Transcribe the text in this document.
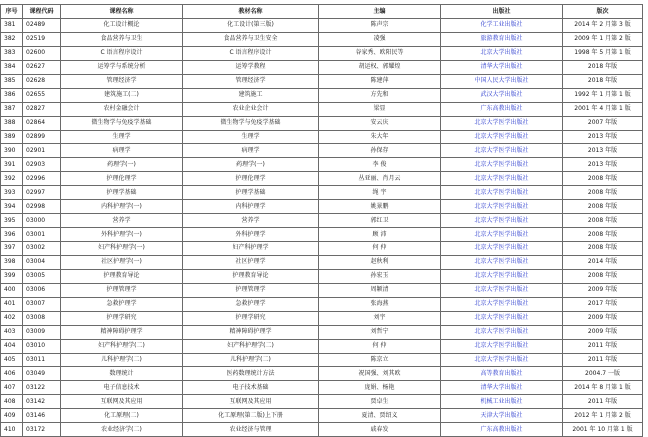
序号	课程代码	课程名称	教材名称	主编	出版社	版次
381	02489	化工设计概论	化工设计(第三版)	陈声宗	化学工业出版社	2014 年 2 月第 3 版
382	02519	食品营养与卫生	食品营养与卫生安全	凌强	旅游教育出版社	2009 年 1 月第 2 版
383	02600	C 语言程序设计	C 语言程序设计	谷家秀、欧阳民等	北京大学出版社	1998 年 5 月第 1 版
384	02627	运筹学与系统分析	运筹学教程	胡运权、郭耀煌	清华大学出版社	2018 年版
385	02628	管理经济学	管理经济学	陈建萍	中国人民大学出版社	2018 年版
386	02655	建筑施工(二)	建筑施工	方先和	武汉大学出版社	1992 年 1 月第 1 版
387	02827	农村金融会计	农业企业会计	梁显	广东高教出版社	2001 年 4 月第 1 版
388	02864	微生物学与免疫学基础	微生物学与免疫学基础	安云庆	北京大学医学出版社	2007 年版
389	02899	生理学	生理学	朱大年	北京大学医学出版社	2013 年版
390	02901	病理学	病理学	孙保存	北京大学医学出版社	2013 年版
391	02903	药理学(一)	药理学(一)	李 俊	北京大学医学出版社	2013 年版
392	02996	护理伦理学	护理伦理学	丛亚丽、肖月云	北京大学医学出版社	2008 年版
393	02997	护理学基础	护理学基础	绳 宇	北京大学医学出版社	2008 年版
394	02998	内科护理学(一)	内科护理学	姚景鹏	北京大学医学出版社	2008 年版
395	03000	营养学	营养学	郭红卫	北京大学医学出版社	2008 年版
396	03001	外科护理学(一)	外科护理学	顾 沛	北京大学医学出版社	2008 年版
397	03002	妇产科护理学(一)	妇产科护理学	何 仲	北京大学医学出版社	2008 年版
398	03004	社区护理学(一)	社区护理学	赵秋利	北京大学医学出版社	2014 年版
399	03005	护理教育导论	护理教育导论	孙宏玉	北京大学医学出版社	2008 年版
400	03006	护理管理学	护理管理学	周颖清	北京大学医学出版社	2009 年版
401	03007	急救护理学	急救护理学	张海燕	北京大学医学出版社	2017 年版
402	03008	护理学研究	护理学研究	刘宇	北京大学医学出版社	2009 年版
403	03009	精神障碍护理学	精神障碍护理学	刘哲宁	北京大学医学出版社	2009 年版
404	03010	妇产科护理学(二)	妇产科护理学(二)	何 仲	北京大学医学出版社	2011 年版
405	03011	儿科护理学(二)	儿科护理学(二)	陈京立	北京大学医学出版社	2011 年版
406	03049	数理统计	医药数理统计方法	祝国强、刘其欧	高等教育出版社	2004.7 一版
407	03122	电子信息技术	电子技术基础	庞娟、杨艳	清华大学出版社	2014 年 8 月第 1 版
408	03142	互联网及其应用	互联网及其应用	贾卓生	机械工业出版社	2011 年版
409	03146	化工原理(二)	化工原理(第二版)上下册	夏清、贾绍义	天津大学出版社	2012 年 1 月第 2 版
410	03172	农业经济学(二)	农业经济与管理	戚春发	广东高教出版社	2001 年 10 月第 1 版
